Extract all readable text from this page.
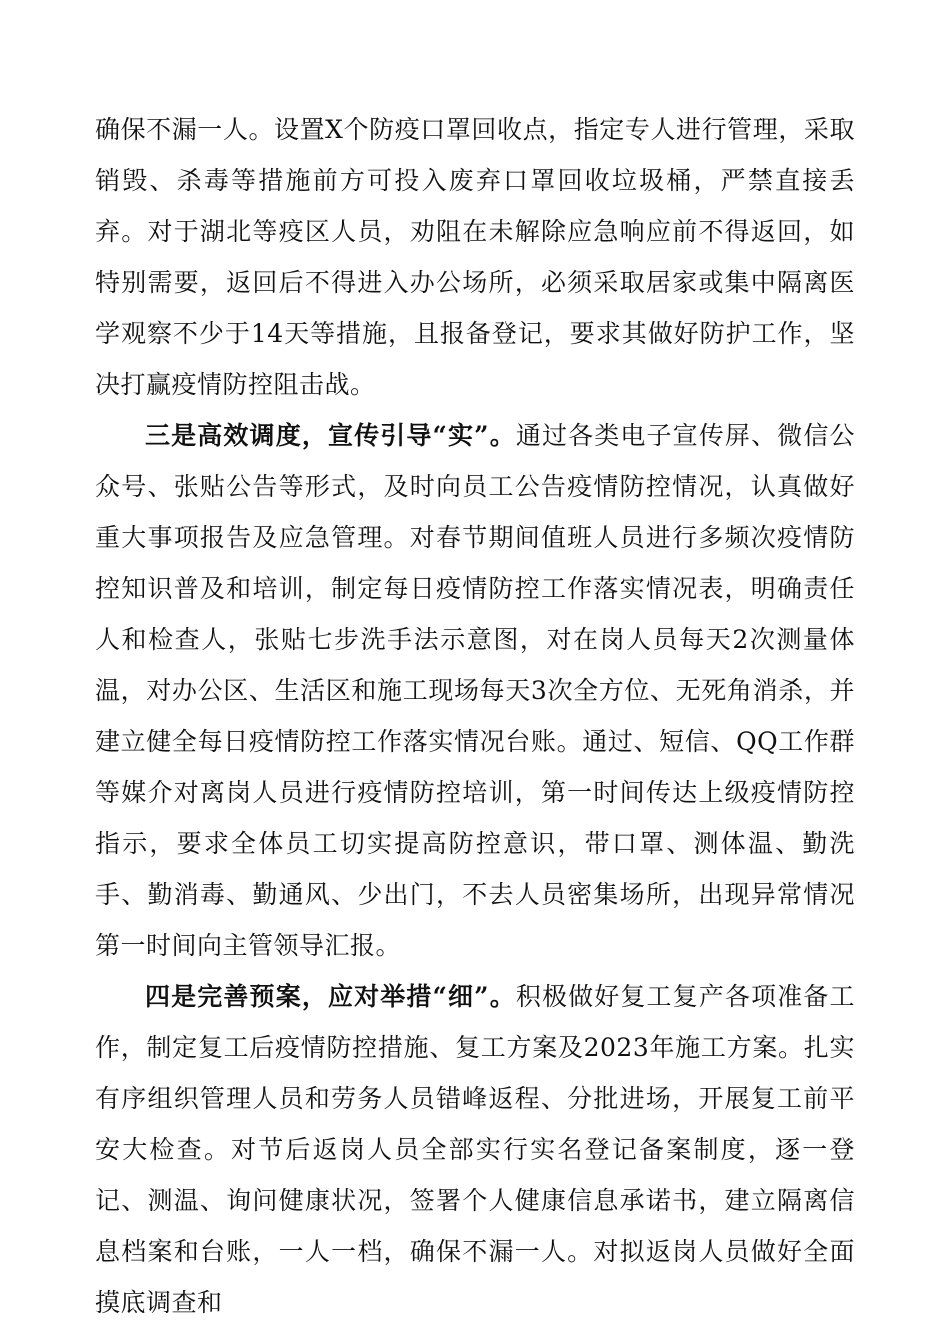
确保不漏一人。设置X个防疫口罩回收点，指定专人进行管理，采取销毁、杀毒等措施前方可投入废弃口罩回收垃圾桶，严禁直接丢弃。对于湖北等疫区人员，劝阻在未解除应急响应前不得返回，如特别需要，返回后不得进入办公场所，必须采取居家或集中隔离医学观察不少于14天等措施，且报备登记，要求其做好防护工作，坚决打赢疫情防控阻击战。

三是高效调度，宣传引导“实”。通过各类电子宣传屏、微信公众号、张贴公告等形式，及时向员工公告疫情防控情况，认真做好重大事项报告及应急管理。对春节期间值班人员进行多频次疫情防控知识普及和培训，制定每日疫情防控工作落实情况表，明确责任人和检查人，张贴七步洗手法示意图，对在岗人员每天2次测量体温，对办公区、生活区和施工现场每天3次全方位、无死角消杀，并建立健全每日疫情防控工作落实情况台账。通过、短信、QQ工作群等媒介对离岗人员进行疫情防控培训，第一时间传达上级疫情防控指示，要求全体员工切实提高防控意识，带口罩、测体温、勤洗手、勤消毒、勤通风、少出门，不去人员密集场所，出现异常情况第一时间向主管领导汇报。

四是完善预案，应对举措“细”。积极做好复工复产各项准备工作，制定复工后疫情防控措施、复工方案及2023年施工方案。扎实有序组织管理人员和劳务人员错峰返程、分批进场，开展复工前平安大检查。对节后返岗人员全部实行实名登记备案制度，逐一登记、测温、询问健康状况，签署个人健康信息承诺书，建立隔离信息档案和台账，一人一档，确保不漏一人。对拟返岗人员做好全面摸底调查和
